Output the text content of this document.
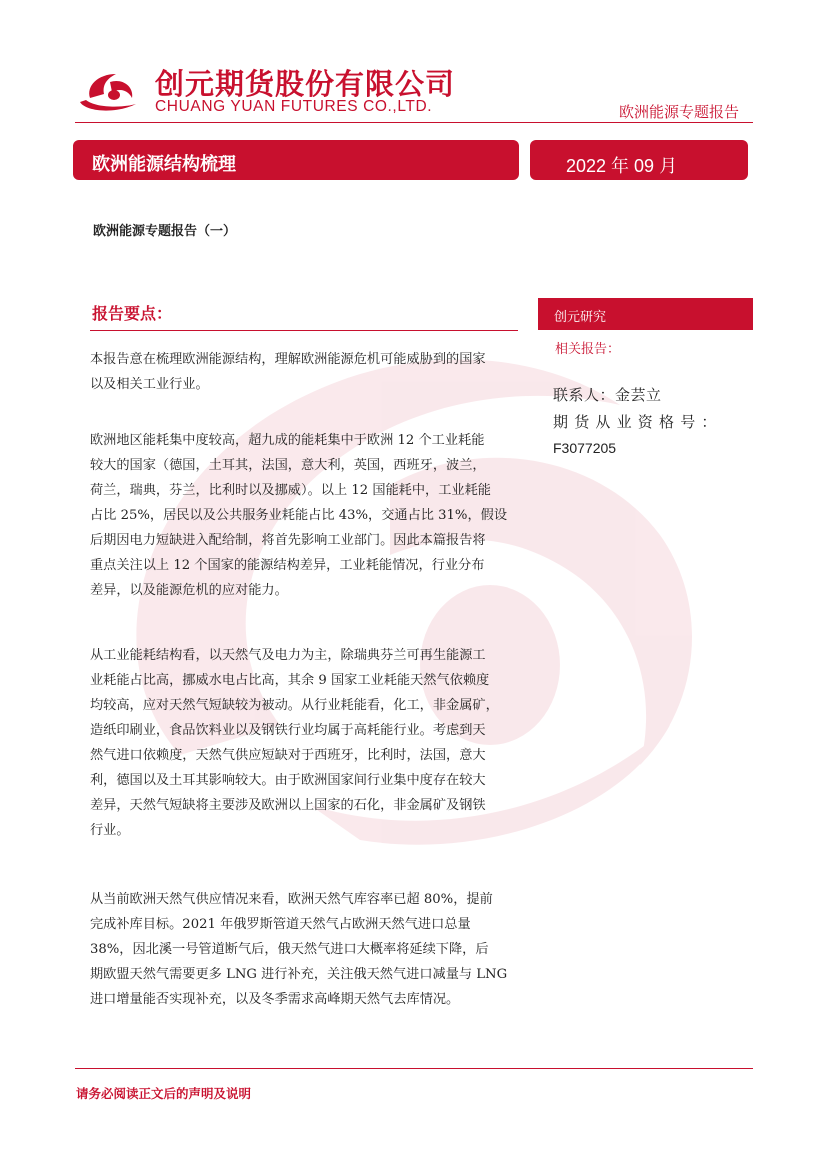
创元期货股份有限公司
CHUANG YUAN FUTURES CO.,LTD.	欧洲能源专题报告
欧洲能源结构梳理	2022 年 09 月
欧洲能源专题报告（一）
报告要点：	创元研究
相关报告：
联系人：金芸立
期货从业资格号：
F3077205
本报告意在梳理欧洲能源结构，理解欧洲能源危机可能威胁到的国家
以及相关工业行业。
欧洲地区能耗集中度较高，超九成的能耗集中于欧洲 12 个工业耗能
较大的国家（德国，土耳其，法国，意大利，英国，西班牙，波兰，
荷兰，瑞典，芬兰，比利时以及挪威）。以上 12 国能耗中，工业耗能
占比 25%，居民以及公共服务业耗能占比 43%，交通占比 31%，假设
后期因电力短缺进入配给制，将首先影响工业部门。因此本篇报告将
重点关注以上 12 个国家的能源结构差异，工业耗能情况，行业分布
差异，以及能源危机的应对能力。
从工业能耗结构看，以天然气及电力为主，除瑞典芬兰可再生能源工
业耗能占比高，挪威水电占比高，其余 9 国家工业耗能天然气依赖度
均较高，应对天然气短缺较为被动。从行业耗能看，化工，非金属矿，
造纸印刷业，食品饮料业以及钢铁行业均属于高耗能行业。考虑到天
然气进口依赖度，天然气供应短缺对于西班牙，比利时，法国，意大
利，德国以及土耳其影响较大。由于欧洲国家间行业集中度存在较大
差异，天然气短缺将主要涉及欧洲以上国家的石化，非金属矿及钢铁
行业。
从当前欧洲天然气供应情况来看，欧洲天然气库容率已超 80%，提前
完成补库目标。2021 年俄罗斯管道天然气占欧洲天然气进口总量
38%，因北溪一号管道断气后，俄天然气进口大概率将延续下降，后
期欧盟天然气需要更多 LNG 进行补充，关注俄天然气进口减量与 LNG
进口增量能否实现补充，以及冬季需求高峰期天然气去库情况。
请务必阅读正文后的声明及说明
